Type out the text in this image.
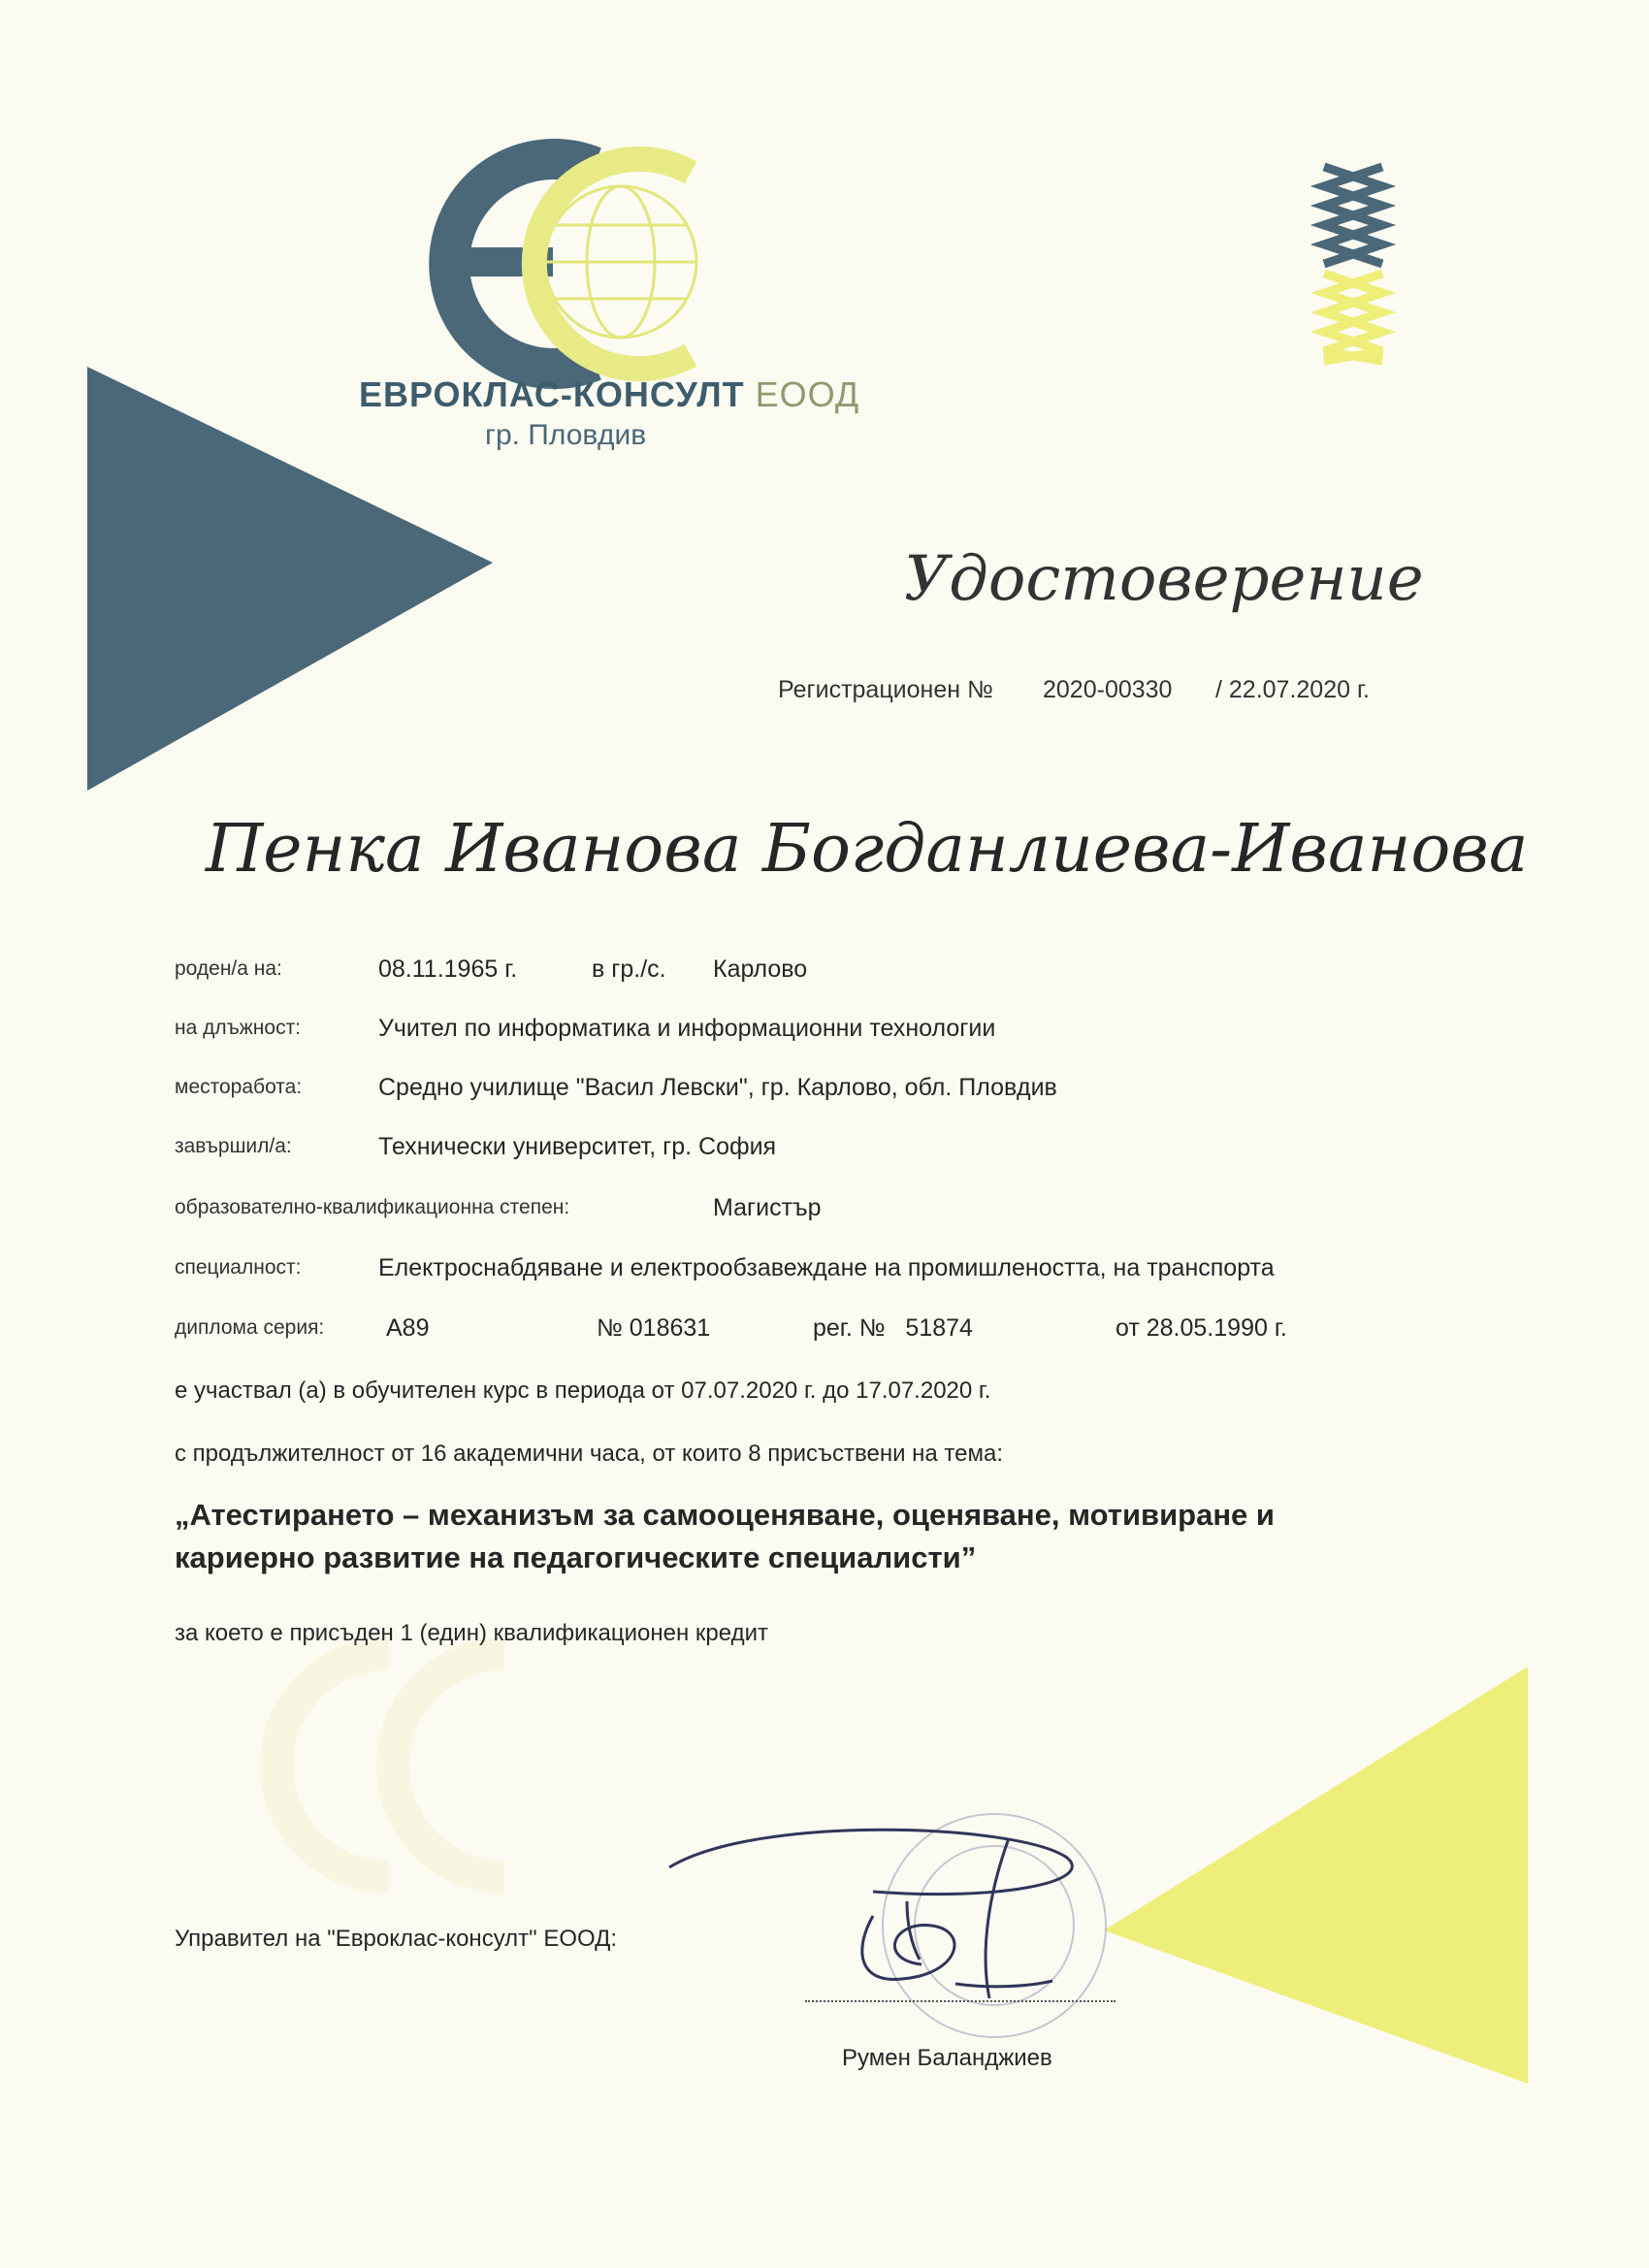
ЕВРОКЛАС-КОНСУЛТ ЕООД
гр. Пловдив
Удостоверение
Регистрационен № 2020-00330 / 22.07.2020 г.
Пенка Иванова Богданлиева-Иванова
роден/а на:	08.11.1965 г.	в гр./с. Карлово
на длъжност:	Учител по информатика и информационни технологии
месторабота:	Средно училище "Васил Левски", гр. Карлово, обл. Пловдив
завършил/а:	Технически университет, гр. София
образователно-квалификационна степен:	Магистър
специалност:	Електроснабдяване и електрообзавеждане на промишлеността, на транспорта
диплома серия:	А89	№ 018631	рег. №   51874	от 28.05.1990 г.
е участвал (а) в обучителен курс в периода от 07.07.2020 г. до 17.07.2020 г.
с продължителност от 16 академични часа, от които 8 присъствени на тема:
„Атестирането – механизъм за самооценяване, оценяване, мотивиране и
кариерно развитие на педагогическите специалисти”
за което е присъден 1 (един) квалификационен кредит
Управител на "Евроклас-консулт" ЕООД:
Румен Баланджиев
